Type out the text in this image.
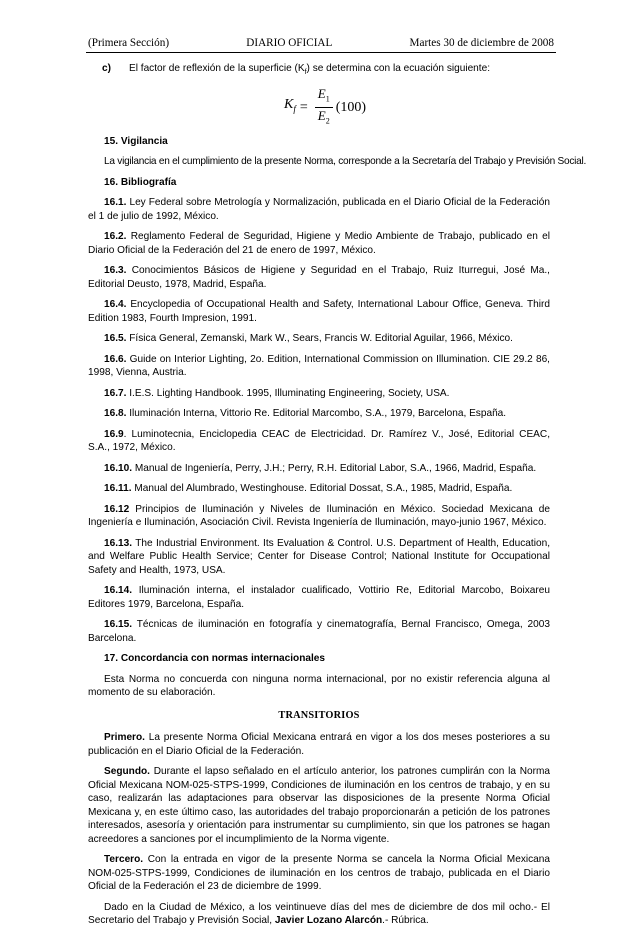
(Primera Sección)	DIARIO OFICIAL	Martes 30 de diciembre de 2008
c) El factor de reflexión de la superficie $(K_f)$ se determina con la ecuación siguiente:
$K_f = \frac{E_1}{E_2} (100)$
15. Vigilancia

La vigilancia en el cumplimiento de la presente Norma, corresponde a la Secretaría del Trabajo y Previsión Social.

16. Bibliografía

16.1. Ley Federal sobre Metrología y Normalización, publicada en el Diario Oficial de la Federación el 1 de julio de 1992, México.

16.2. Reglamento Federal de Seguridad, Higiene y Medio Ambiente de Trabajo, publicado en el Diario Oficial de la Federación del 21 de enero de 1997, México.

16.3. Conocimientos Básicos de Higiene y Seguridad en el Trabajo, Ruiz Iturregui, José Ma., Editorial Deusto, 1978, Madrid, España.

16.4. Encyclopedia of Occupational Health and Safety, International Labour Office, Geneva. Third Edition 1983, Fourth Impresion, 1991.

16.5. Física General, Zemanski, Mark W., Sears, Francis W. Editorial Aguilar, 1966, México.

16.6. Guide on Interior Lighting, 2o. Edition, International Commission on Illumination. CIE 29.2 86, 1998, Vienna, Austria.

16.7. I.E.S. Lighting Handbook. 1995, Illuminating Engineering, Society, USA.

16.8. Iluminación Interna, Vittorio Re. Editorial Marcombo, S.A., 1979, Barcelona, España.

16.9. Luminotecnia, Enciclopedia CEAC de Electricidad. Dr. Ramírez V., José, Editorial CEAC, S.A., 1972, México.

16.10. Manual de Ingeniería, Perry, J.H.; Perry, R.H. Editorial Labor, S.A., 1966, Madrid, España.

16.11. Manual del Alumbrado, Westinghouse. Editorial Dossat, S.A., 1985, Madrid, España.

16.12 Principios de Iluminación y Niveles de Iluminación en México. Sociedad Mexicana de Ingeniería e Iluminación, Asociación Civil. Revista Ingeniería de Iluminación, mayo-junio 1967, México.

16.13. The Industrial Environment. Its Evaluation & Control. U.S. Department of Health, Education, and Welfare Public Health Service; Center for Disease Control; National Institute for Occupational Safety and Health, 1973, USA.

16.14. Iluminación interna, el instalador cualificado, Vottirio Re, Editorial Marcobo, Boixareu Editores 1979, Barcelona, España.

16.15. Técnicas de iluminación en fotografía y cinematografía, Bernal Francisco, Omega, 2003 Barcelona.

17. Concordancia con normas internacionales

Esta Norma no concuerda con ninguna norma internacional, por no existir referencia alguna al momento de su elaboración.

TRANSITORIOS

Primero. La presente Norma Oficial Mexicana entrará en vigor a los dos meses posteriores a su publicación en el Diario Oficial de la Federación.

Segundo. Durante el lapso señalado en el artículo anterior, los patrones cumplirán con la Norma Oficial Mexicana NOM-025-STPS-1999, Condiciones de iluminación en los centros de trabajo, y en su caso, realizarán las adaptaciones para observar las disposiciones de la presente Norma Oficial Mexicana y, en este último caso, las autoridades del trabajo proporcionarán a petición de los patrones interesados, asesoría y orientación para instrumentar su cumplimiento, sin que los patrones se hagan acreedores a sanciones por el incumplimiento de la Norma vigente.

Tercero. Con la entrada en vigor de la presente Norma se cancela la Norma Oficial Mexicana NOM-025-STPS-1999, Condiciones de iluminación en los centros de trabajo, publicada en el Diario Oficial de la Federación el 23 de diciembre de 1999.

Dado en la Ciudad de México, a los veintinueve días del mes de diciembre de dos mil ocho.- El Secretario del Trabajo y Previsión Social, Javier Lozano Alarcón.- Rúbrica.
